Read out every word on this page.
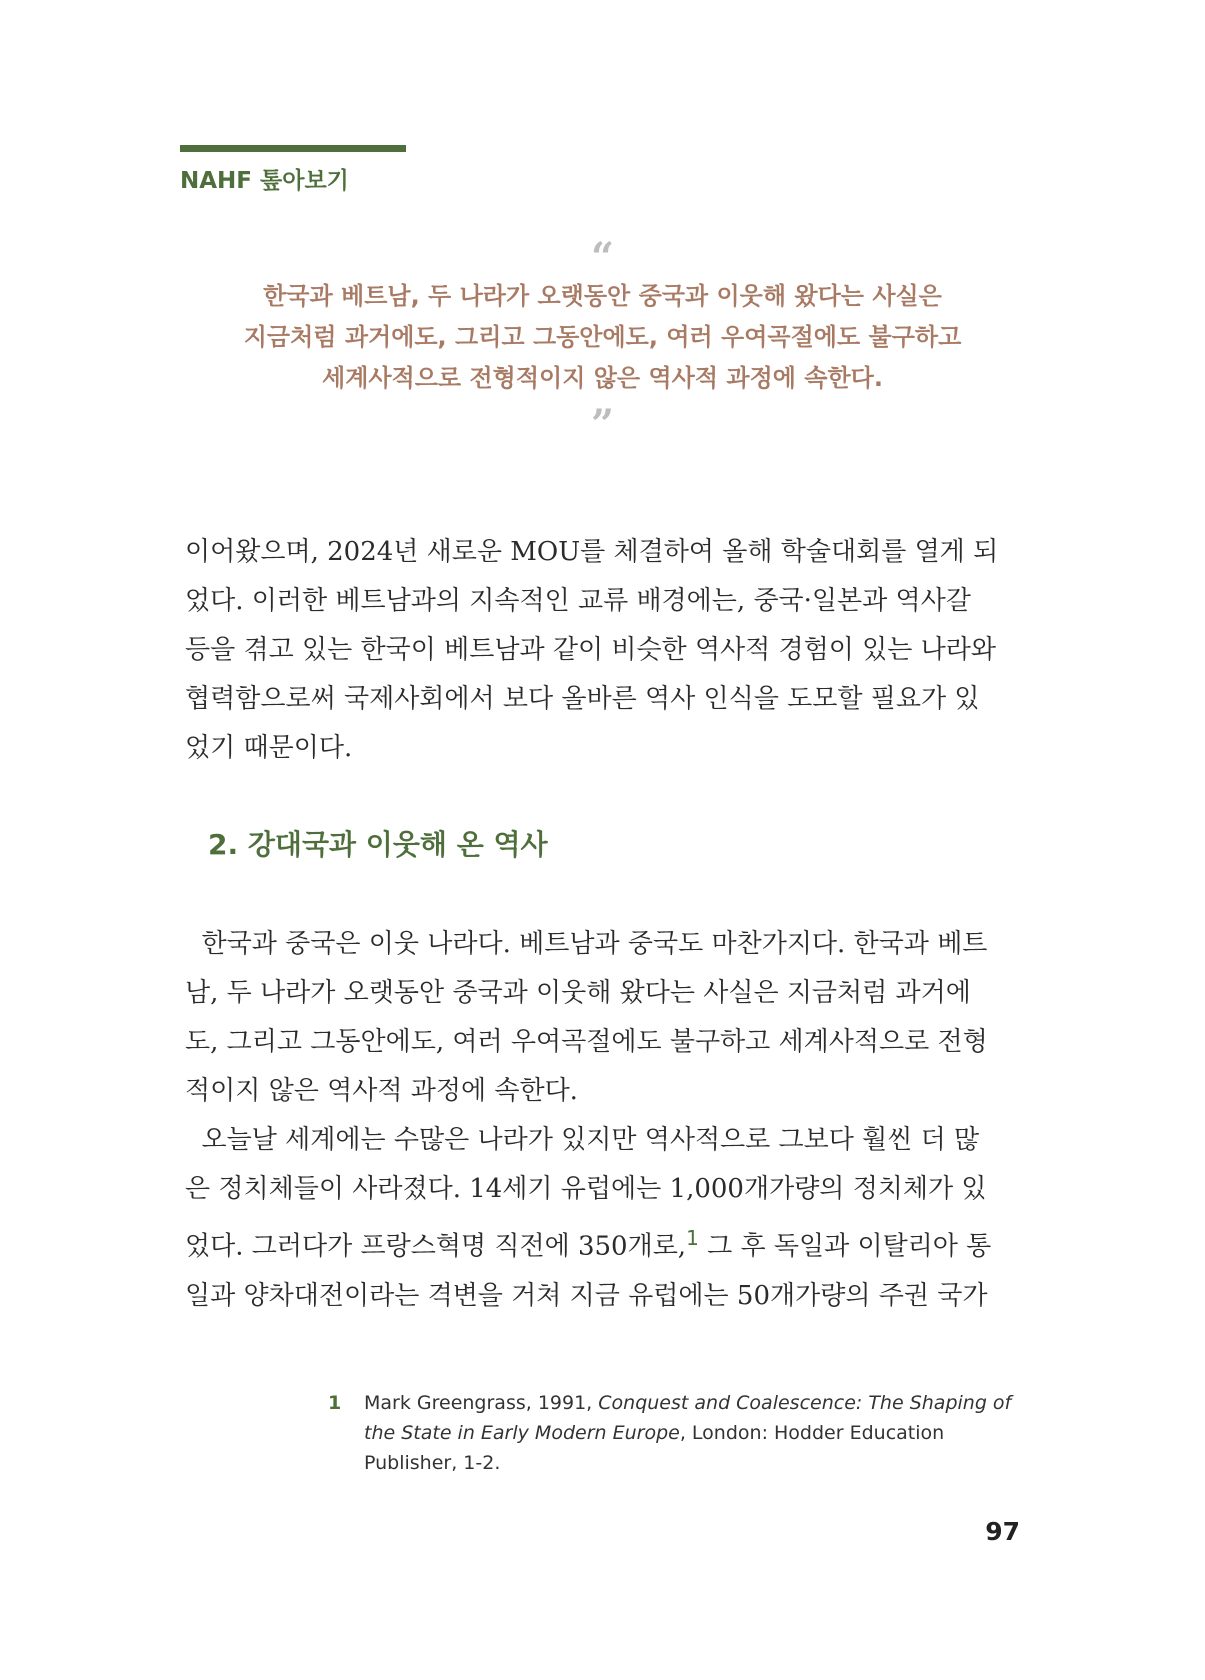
NAHF 톺아보기
“
한국과 베트남, 두 나라가 오랫동안 중국과 이웃해 왔다는 사실은
지금처럼 과거에도, 그리고 그동안에도, 여러 우여곡절에도 불구하고
세계사적으로 전형적이지 않은 역사적 과정에 속한다.
”
이어왔으며, 2024년 새로운 MOU를 체결하여 올해 학술대회를 열게 되
었다. 이러한 베트남과의 지속적인 교류 배경에는, 중국·일본과 역사갈
등을 겪고 있는 한국이 베트남과 같이 비슷한 역사적 경험이 있는 나라와
협력함으로써 국제사회에서 보다 올바른 역사 인식을 도모할 필요가 있
었기 때문이다.
2. 강대국과 이웃해 온 역사
한국과 중국은 이웃 나라다. 베트남과 중국도 마찬가지다. 한국과 베트
남, 두 나라가 오랫동안 중국과 이웃해 왔다는 사실은 지금처럼 과거에
도, 그리고 그동안에도, 여러 우여곡절에도 불구하고 세계사적으로 전형
적이지 않은 역사적 과정에 속한다.
오늘날 세계에는 수많은 나라가 있지만 역사적으로 그보다 훨씬 더 많
은 정치체들이 사라졌다. 14세기 유럽에는 1,000개가량의 정치체가 있
었다. 그러다가 프랑스혁명 직전에 350개로,$^1$ 그 후 독일과 이탈리아 통
일과 양차대전이라는 격변을 거쳐 지금 유럽에는 50개가량의 주권 국가
1 Mark Greengrass, 1991, Conquest and Coalescence: The Shaping of the State in Early Modern Europe, London: Hodder Education Publisher, 1-2.
97
